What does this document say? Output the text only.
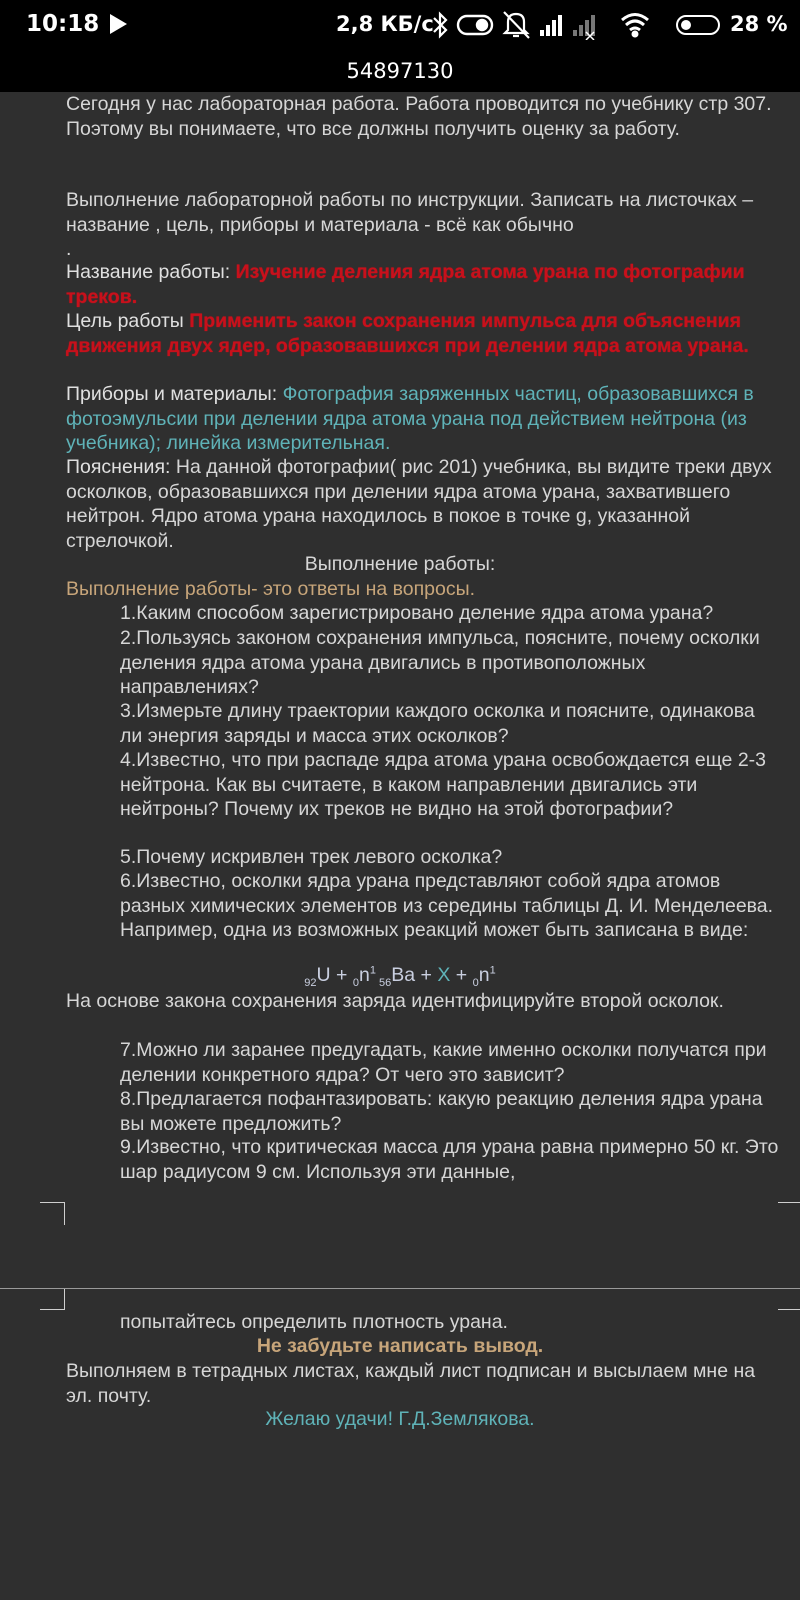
10:18	2,8 КБ/с	28 %
54897130

Сегодня у нас лабораторная работа. Работа проводится по учебнику стр 307. Поэтому вы понимаете, что все должны получить оценку за работу.

Выполнение лабораторной работы по инструкции. Записать на листочках – название , цель, приборы и материала - всё как обычно
.

Название работы: Изучение деления ядра атома урана по фотографии треков.

Цель работы Применить закон сохранения импульса для объяснения движения двух ядер, образовавшихся при делении ядра атома урана.

Приборы и материалы: Фотография заряженных частиц, образовавшихся в фотоэмульсии при делении ядра атома урана под действием нейтрона (из учебника); линейка измерительная.

Пояснения: На данной фотографии( рис 201) учебника, вы видите треки двух осколков, образовавшихся при делении ядра атома урана, захватившего нейтрон. Ядро атома урана находилось в покое в точке g, указанной стрелочкой.

Выполнение работы:

Выполнение работы- это ответы на вопросы.

1.Каким способом зарегистрировано деление ядра атома урана?

2.Пользуясь законом сохранения импульса, поясните, почему осколки деления ядра атома урана двигались в противоположных направлениях?

3.Измерьте длину траектории каждого осколка и поясните, одинакова ли энергия заряды и масса этих осколков?

4.Известно, что при распаде ядра атома урана освобождается еще 2-3 нейтрона. Как вы считаете, в каком направлении двигались эти нейтроны? Почему их треков не видно на этой фотографии?

5.Почему искривлен трек левого осколка?

6.Известно, осколки ядра урана представляют собой ядра атомов разных химических элементов из середины таблицы Д. И. Менделеева. Например, одна из возможных реакций может быть записана в виде:

$_{92}U + _0n^1$ $_{56}Ba + X + _0n^1$

На основе закона сохранения заряда идентифицируйте второй осколок.

7.Можно ли заранее предугадать, какие именно осколки получатся при делении конкретного ядра? От чего это зависит?

8.Предлагается пофантазировать: какую реакцию деления ядра урана вы можете предложить?

9.Известно, что критическая масса для урана равна примерно 50 кг. Это шар радиусом 9 см. Используя эти данные,

попытайтесь определить плотность урана.

Не забудьте написать вывод.

Выполняем в тетрадных листах, каждый лист подписан и высылаем мне на эл. почту.

Желаю удачи! Г.Д.Землякова.
